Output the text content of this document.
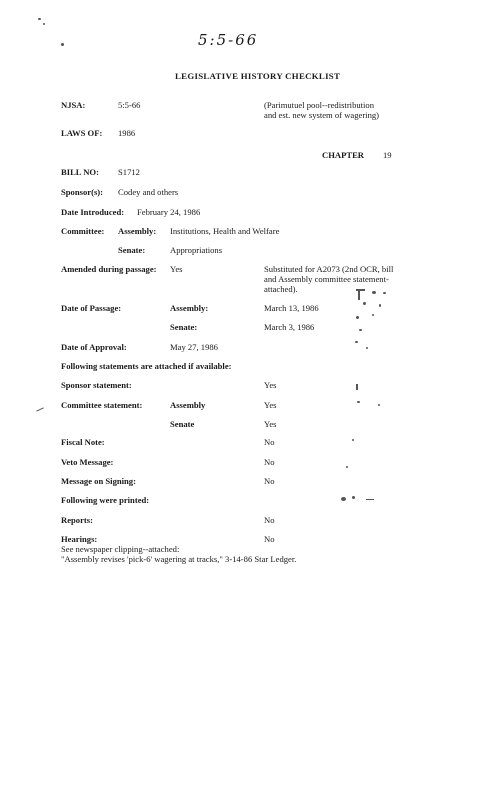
5:5-66
LEGISLATIVE HISTORY CHECKLIST
NJSA:	5:5-66	(Parimutuel pool--redistribution
and est. new system of wagering)
LAWS OF: 1986
CHAPTER 19
BILL NO: S1712
Sponsor(s): Codey and others
Date Introduced: February 24, 1986
Committee: Assembly: Institutions, Health and Welfare
Senate:	Appropriations
Amended during passage: Yes	Substituted for A2073 (2nd OCR, bill
and Assembly committee statement-
attached).
Date of Passage:	Assembly:	March 13, 1986
Senate:	March 3, 1986
Date of Approval:	May 27, 1986
Following statements are attached if available:
Sponsor statement:	Yes
Committee statement:	Assembly	Yes
Senate	Yes
Fiscal Note:	No
Veto Message:	No
Message on Signing:	No
Following were printed:
Reports:	No
Hearings:	No
See newspaper clipping--attached:
"Assembly revises 'pick-6' wagering at tracks," 3-14-86 Star Ledger.
